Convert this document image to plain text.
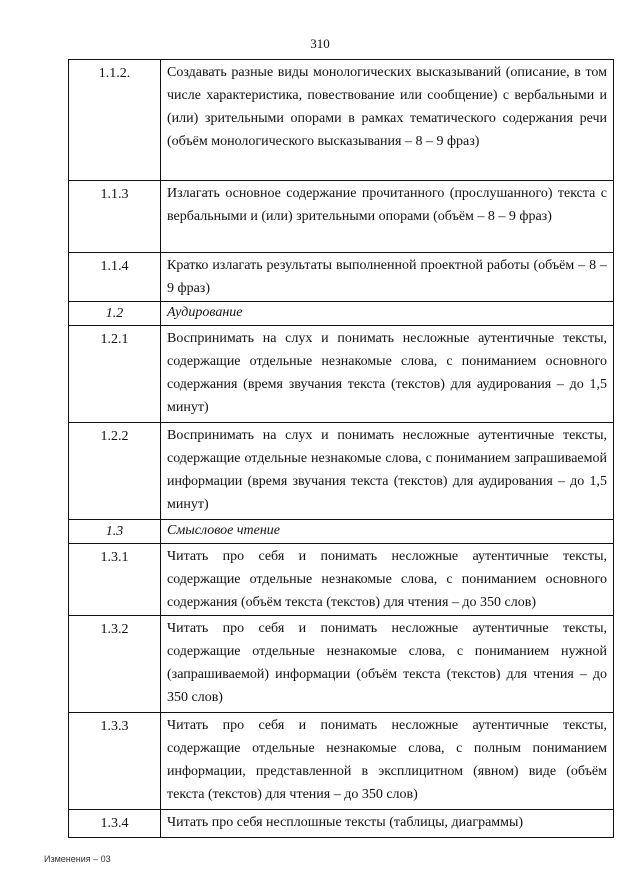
310
1.1.2.	Создавать разные виды монологических высказываний (описание, в том числе характеристика, повествование или сообщение) с вербальными и (или) зрительными опорами в рамках тематического содержания речи (объём монологического высказывания – 8 – 9 фраз)
1.1.3	Излагать основное содержание прочитанного (прослушанного) текста с вербальными и (или) зрительными опорами (объём – 8 – 9 фраз)
1.1.4	Кратко излагать результаты выполненной проектной работы (объём – 8 – 9 фраз)
1.2	Аудирование
1.2.1	Воспринимать на слух и понимать несложные аутентичные тексты, содержащие отдельные незнакомые слова, с пониманием основного содержания (время звучания текста (текстов) для аудирования – до 1,5 минут)
1.2.2	Воспринимать на слух и понимать несложные аутентичные тексты, содержащие отдельные незнакомые слова, с пониманием запрашиваемой информации (время звучания текста (текстов) для аудирования – до 1,5 минут)
1.3	Смысловое чтение
1.3.1	Читать про себя и понимать несложные аутентичные тексты, содержащие отдельные незнакомые слова, с пониманием основного содержания (объём текста (текстов) для чтения – до 350 слов)
1.3.2	Читать про себя и понимать несложные аутентичные тексты, содержащие отдельные незнакомые слова, с пониманием нужной (запрашиваемой) информации (объём текста (текстов) для чтения – до 350 слов)
1.3.3	Читать про себя и понимать несложные аутентичные тексты, содержащие отдельные незнакомые слова, с полным пониманием информации, представленной в эксплицитном (явном) виде (объём текста (текстов) для чтения – до 350 слов)
1.3.4	Читать про себя несплошные тексты (таблицы, диаграммы)
Изменения – 03
